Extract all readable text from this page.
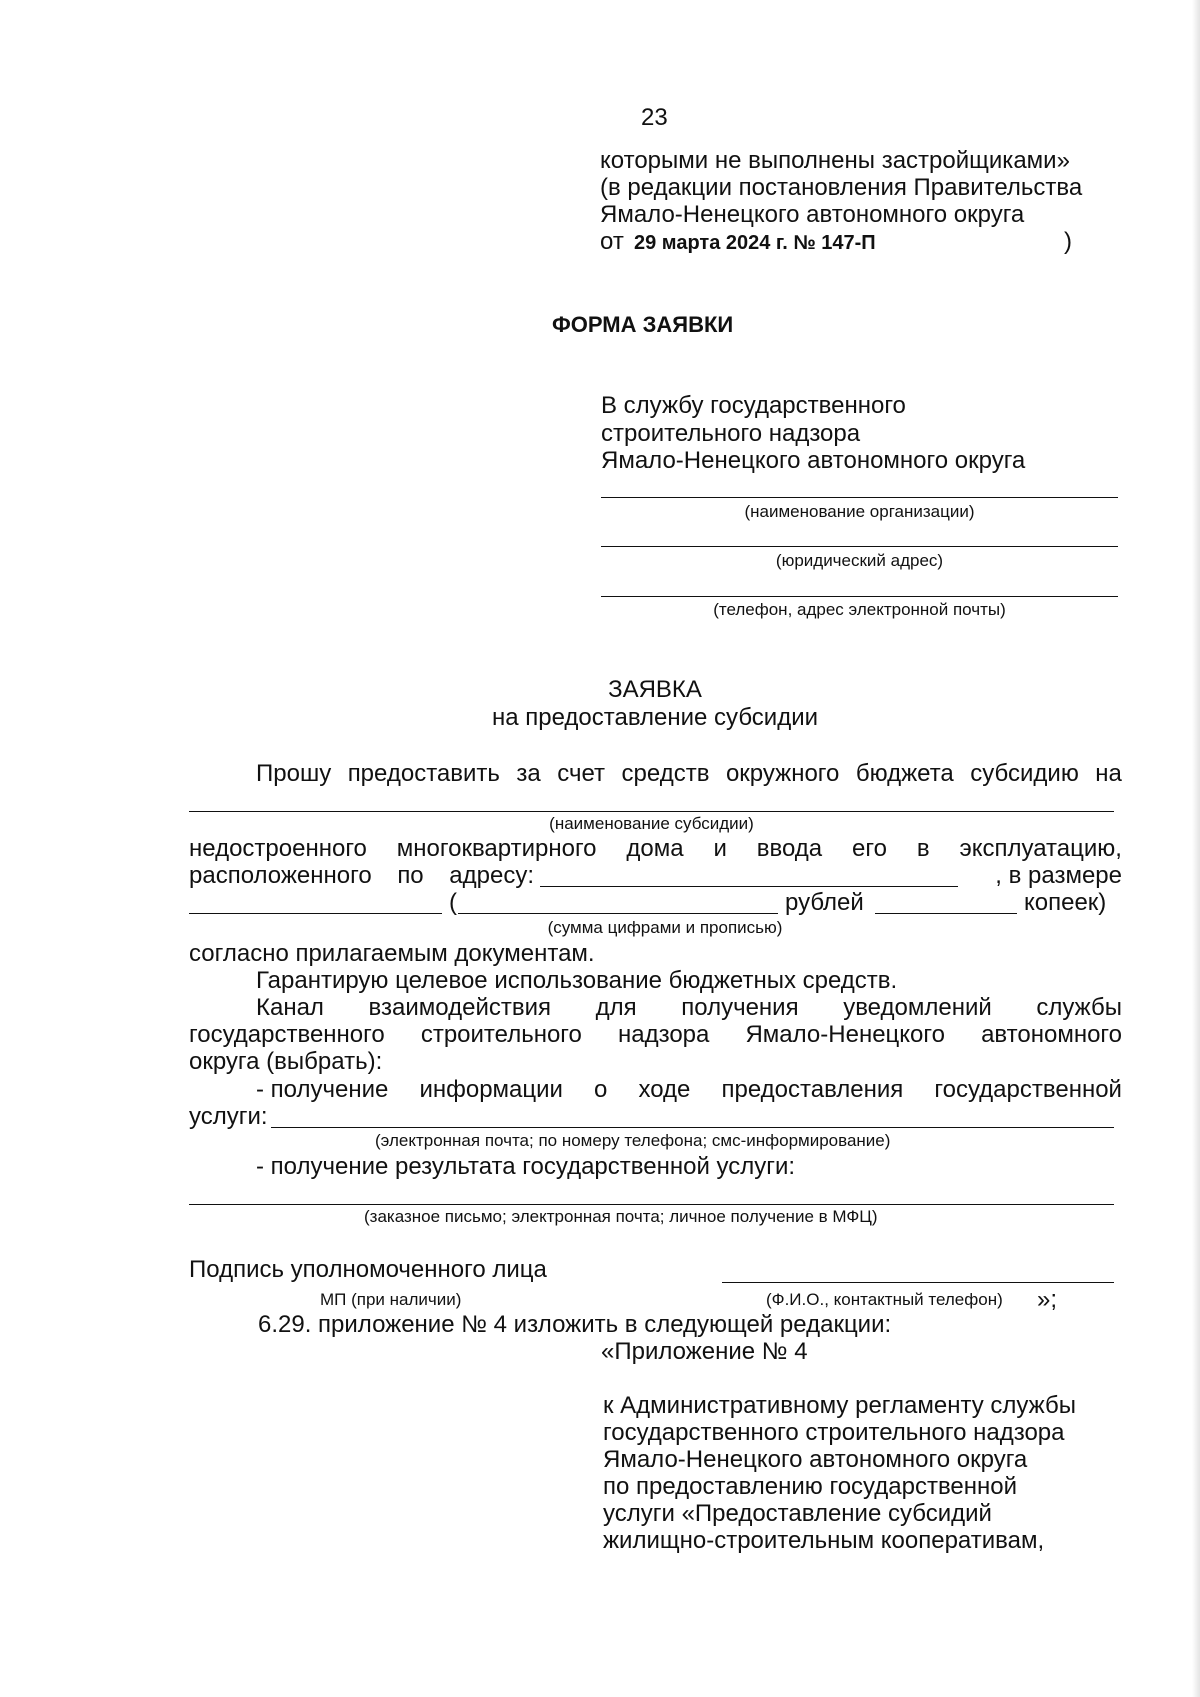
23
которыми не выполнены застройщиками»
(в редакции постановления Правительства
Ямало-Ненецкого автономного округа
от 29 марта 2024 г. № 147-П	)
ФОРМА ЗАЯВКИ
В службу государственного
строительного надзора
Ямало-Ненецкого автономного округа
(наименование организации)
(юридический адрес)
(телефон, адрес электронной почты)
ЗАЯВКА
на предоставление субсидии
Прошу предоставить за счет средств окружного бюджета субсидию на
(наименование субсидии)
недостроенного многоквартирного дома и ввода его в эксплуатацию,
расположенного по адресу:	, в размере
(	рублей	копеек)
(сумма цифрами и прописью)
согласно прилагаемым документам.
Гарантирую целевое использование бюджетных средств.
Канал взаимодействия для получения уведомлений службы
государственного строительного надзора Ямало-Ненецкого автономного
округа (выбрать):
- получение информации о ходе предоставления государственной
услуги:
(электронная почта; по номеру телефона; смс-информирование)
- получение результата государственной услуги:
(заказное письмо; электронная почта; личное получение в МФЦ)
Подпись уполномоченного лица
МП (при наличии)	(Ф.И.О., контактный телефон) »;
6.29. приложение № 4 изложить в следующей редакции:
«Приложение № 4
к Административному регламенту службы
государственного строительного надзора
Ямало-Ненецкого автономного округа
по предоставлению государственной
услуги «Предоставление субсидий
жилищно-строительным кооперативам,
